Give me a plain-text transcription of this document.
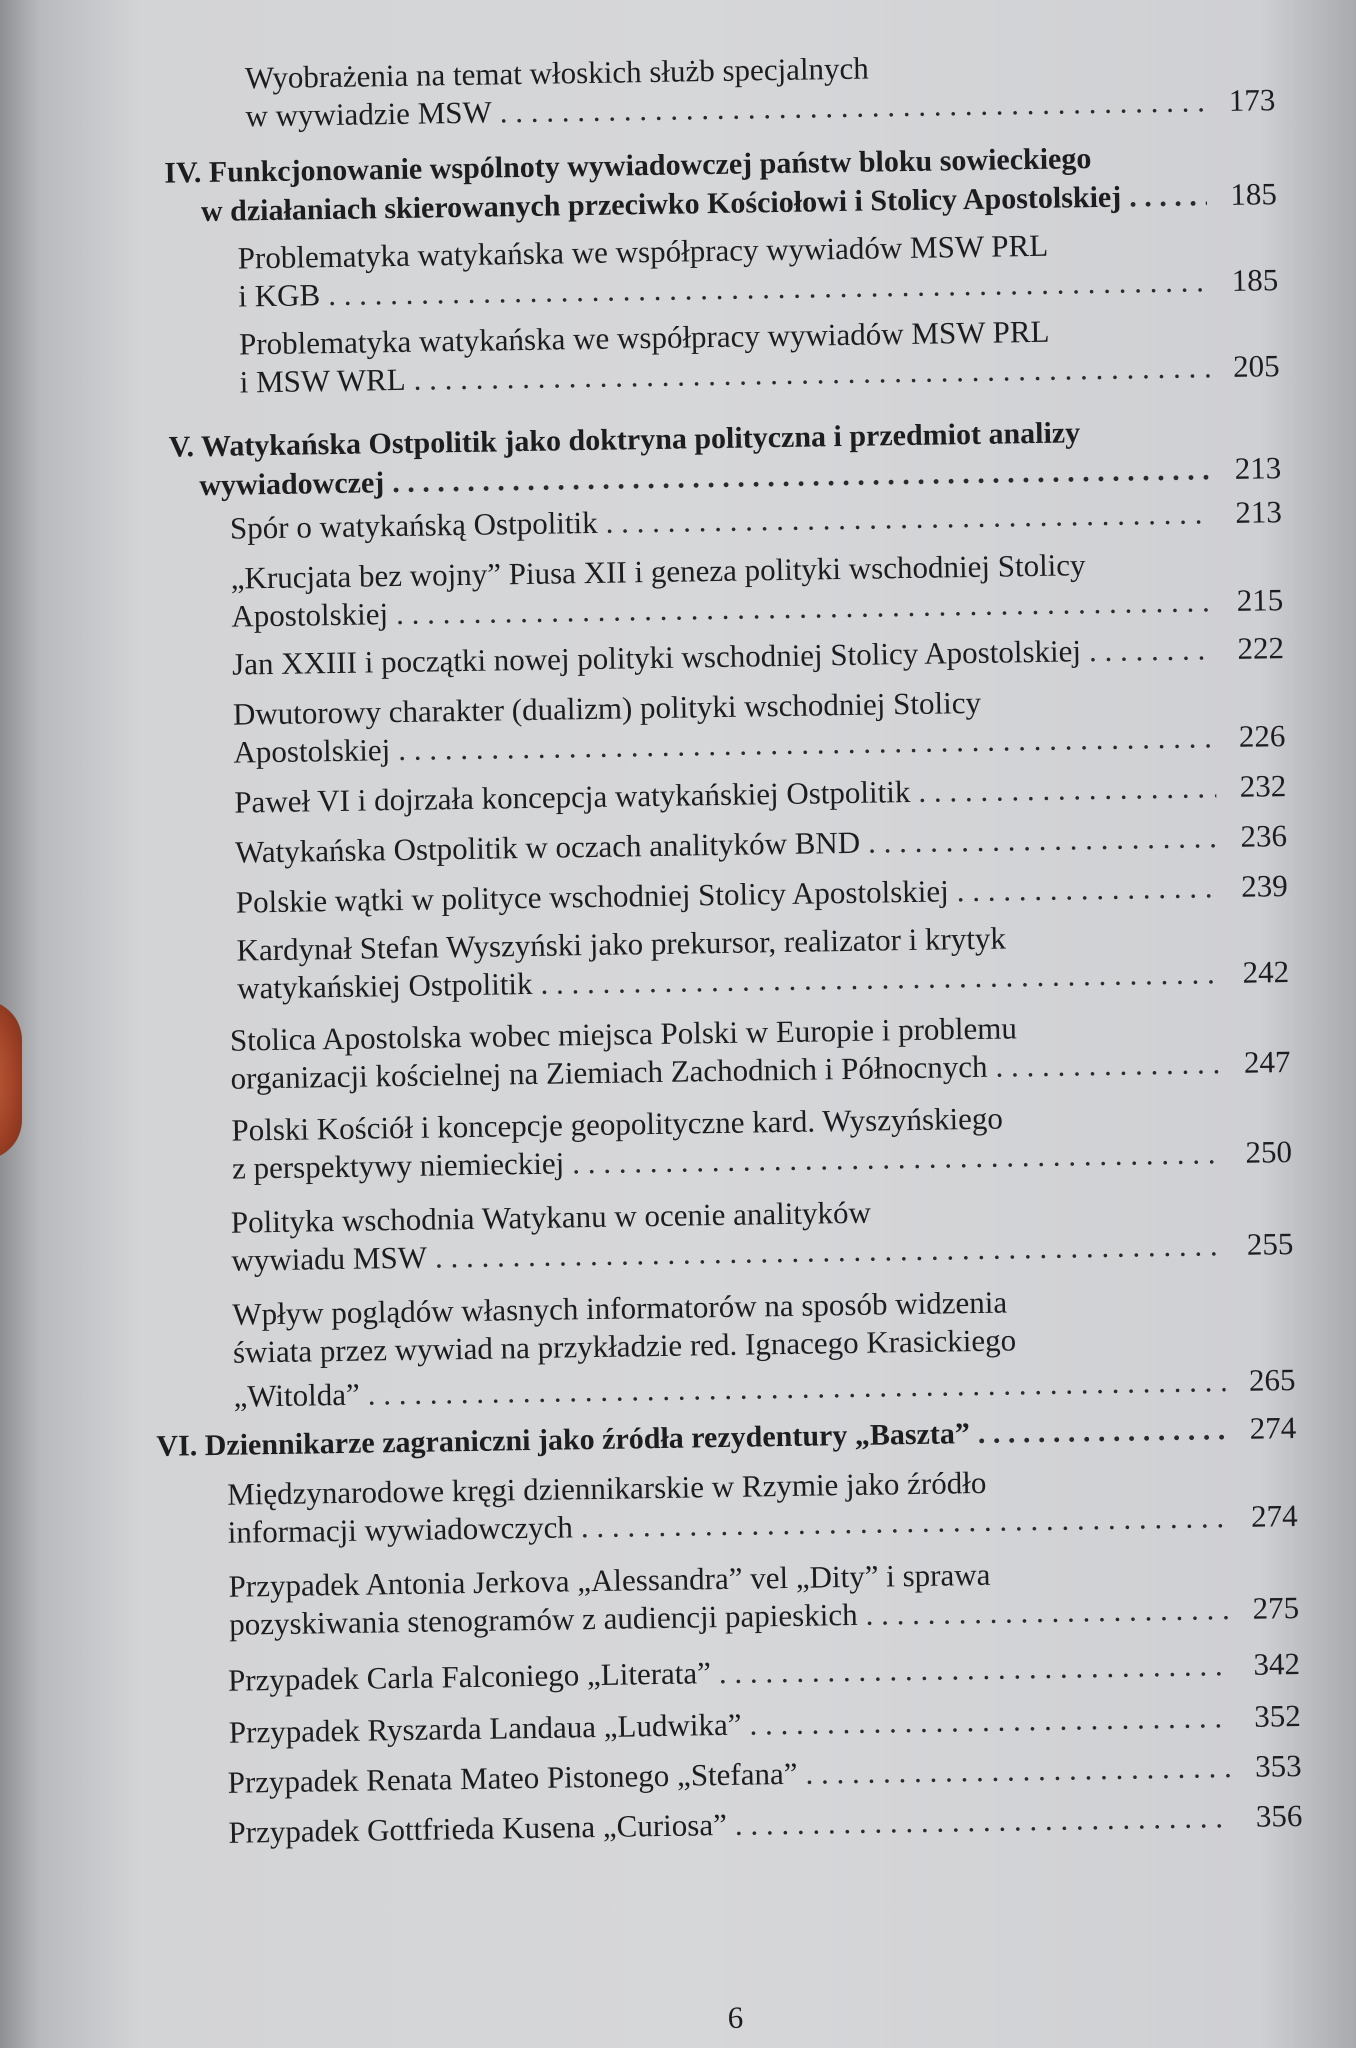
Wyobrażenia na temat włoskich służb specjalnych
w wywiadzie MSW . . .	173
IV. Funkcjonowanie wspólnoty wywiadowczej państw bloku sowieckiego
w działaniach skierowanych przeciwko Kościołowi i Stolicy Apostolskiej . . .	185
Problematyka watykańska we współpracy wywiadów MSW PRL
i KGB . . .	185
Problematyka watykańska we współpracy wywiadów MSW PRL
i MSW WRL . . .	205
V. Watykańska Ostpolitik jako doktryna polityczna i przedmiot analizy
wywiadowczej . . .	213
Spór o watykańską Ostpolitik . . .	213
„Krucjata bez wojny” Piusa XII i geneza polityki wschodniej Stolicy
Apostolskiej . . .	215
Jan XXIII i początki nowej polityki wschodniej Stolicy Apostolskiej . . .	222
Dwutorowy charakter (dualizm) polityki wschodniej Stolicy
Apostolskiej . . .	226
Paweł VI i dojrzała koncepcja watykańskiej Ostpolitik . . .	232
Watykańska Ostpolitik w oczach analityków BND . . .	236
Polskie wątki w polityce wschodniej Stolicy Apostolskiej . . .	239
Kardynał Stefan Wyszyński jako prekursor, realizator i krytyk
watykańskiej Ostpolitik . . .	242
Stolica Apostolska wobec miejsca Polski w Europie i problemu
organizacji kościelnej na Ziemiach Zachodnich i Północnych . . .	247
Polski Kościół i koncepcje geopolityczne kard. Wyszyńskiego
z perspektywy niemieckiej . . .	250
Polityka wschodnia Watykanu w ocenie analityków
wywiadu MSW . . .	255
Wpływ poglądów własnych informatorów na sposób widzenia
świata przez wywiad na przykładzie red. Ignacego Krasickiego
„Witolda” . . .	265
VI. Dziennikarze zagraniczni jako źródła rezydentury „Baszta” . . .	274
Międzynarodowe kręgi dziennikarskie w Rzymie jako źródło
informacji wywiadowczych . . .	274
Przypadek Antonia Jerkova „Alessandra” vel „Dity” i sprawa
pozyskiwania stenogramów z audiencji papieskich . . .	275
Przypadek Carla Falconiego „Literata” . . .	342
Przypadek Ryszarda Landaua „Ludwika” . . .	352
Przypadek Renata Mateo Pistonego „Stefana” . . .	353
Przypadek Gottfrieda Kusena „Curiosa” . . .	356
6
